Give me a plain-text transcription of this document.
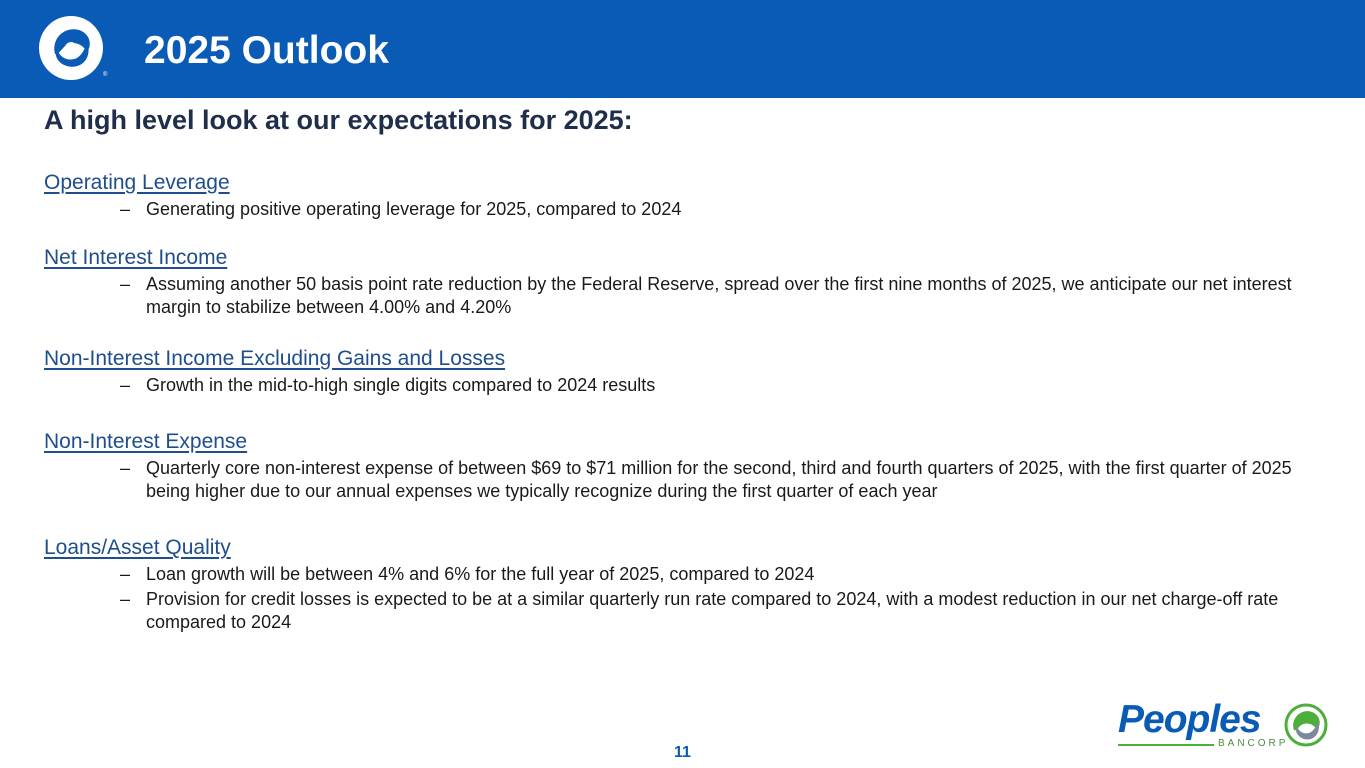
®
2025 Outlook
A high level look at our expectations for 2025:
Operating Leverage
– Generating positive operating leverage for 2025, compared to 2024
Net Interest Income
– Assuming another 50 basis point rate reduction by the Federal Reserve, spread over the first nine months of 2025, we anticipate our net interest margin to stabilize between 4.00% and 4.20%
Non-Interest Income Excluding Gains and Losses
– Growth in the mid-to-high single digits compared to 2024 results
Non-Interest Expense
– Quarterly core non-interest expense of between $69 to $71 million for the second, third and fourth quarters of 2025, with the first quarter of 2025 being higher due to our annual expenses we typically recognize during the first quarter of each year
Loans/Asset Quality
– Loan growth will be between 4% and 6% for the full year of 2025, compared to 2024
– Provision for credit losses is expected to be at a similar quarterly run rate compared to 2024, with a modest reduction in our net charge-off rate compared to 2024
11
Peoples
BANCORP
